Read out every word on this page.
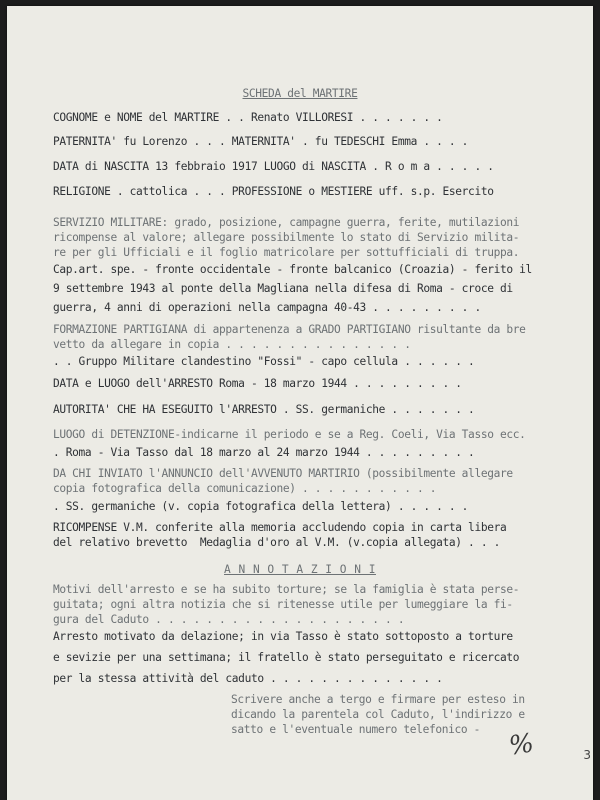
SCHEDA del MARTIRE
COGNOME e NOME del MARTIRE . . Renato VILLORESI . . . . . . .
PATERNITA' fu Lorenzo . . . MATERNITA' . fu TEDESCHI Emma . . . .
DATA di NASCITA 13 febbraio 1917 LUOGO di NASCITA . R o m a . . . . .
RELIGIONE . cattolica . . . PROFESSIONE o MESTIERE uff. s.p. Esercito
SERVIZIO MILITARE: grado, posizione, campagne guerra, ferite, mutilazioni
ricompense al valore; allegare possibilmente lo stato di Servizio milita-
re per gli Ufficiali e il foglio matricolare per sottufficiali di truppa.
Cap.art. spe. - fronte occidentale - fronte balcanico (Croazia) - ferito il
9 settembre 1943 al ponte della Magliana nella difesa di Roma - croce di
guerra, 4 anni di operazioni nella campagna 40-43 . . . . . . . . .
FORMAZIONE PARTIGIANA di appartenenza a GRADO PARTIGIANO risultante da bre
vetto da allegare in copia . . . . . . . . . . . . . . .
. . Gruppo Militare clandestino "Fossi" - capo cellula . . . . . .
DATA e LUOGO dell'ARRESTO Roma - 18 marzo 1944 . . . . . . . . .
AUTORITA' CHE HA ESEGUITO l'ARRESTO . SS. germaniche . . . . . . .
LUOGO di DETENZIONE-indicarne il periodo e se a Reg. Coeli, Via Tasso ecc.
. Roma - Via Tasso dal 18 marzo al 24 marzo 1944 . . . . . . . . .
DA CHI INVIATO l'ANNUNCIO dell'AVVENUTO MARTIRIO (possibilmente allegare
copia fotografica della comunicazione) . . . . . . . . . . .
. SS. germaniche (v. copia fotografica della lettera) . . . . . .
RICOMPENSE V.M. conferite alla memoria accludendo copia in carta libera
del relativo brevetto  Medaglia d'oro al V.M. (v.copia allegata) . . .
A N N O T A Z I O N I
Motivi dell'arresto e se ha subito torture; se la famiglia è stata perse-
guitata; ogni altra notizia che si ritenesse utile per lumeggiare la fi-
gura del Caduto . . . . . . . . . . . . . . . . . . . .
Arresto motivato da delazione; in via Tasso è stato sottoposto a torture
e sevizie per una settimana; il fratello è stato perseguitato e ricercato
per la stessa attività del caduto . . . . . . . . . . . . . .
Scrivere anche a tergo e firmare per esteso in
dicando la parentela col Caduto, l'indirizzo e
satto e l'eventuale numero telefonico - %	3
